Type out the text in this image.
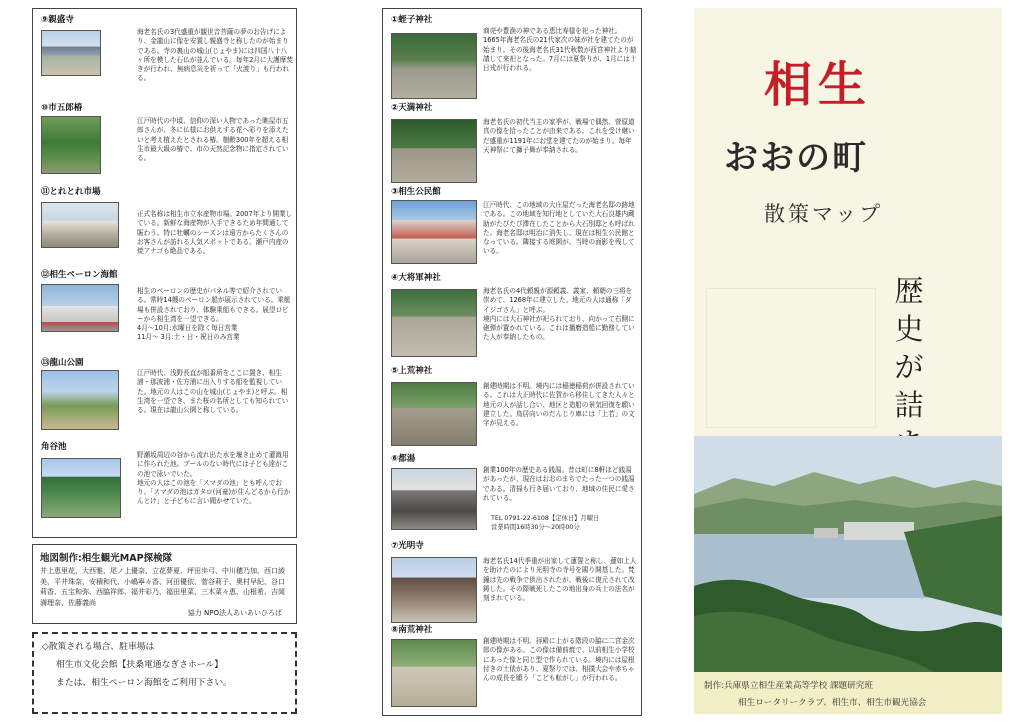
⑨親盛寺
海老名氏の3代盛重が観世音菩薩の夢のお告げにより、金龍山に像を安置し親盛寺と称したのが始まりである。寺の裏山の城山(じょやま)には四国八十八ヶ所を模した石仏が並んでいる。毎年2月に大護摩焚きが行われ、無病息災を祈って「火渡り」も行われる。
⑩市五郎椿
江戸時代の中頃、信仰の深い人物であった眺屋市五郎さんが、冬に仏様にお供えする花へ彩りを添えたいと考え植えたとされる椿。樹齢300年を超える相生市最大級の椿で、市の天然記念物に指定されている。
⑪とれとれ市場
正式名称は相生市立水産物市場。2007年より開業している。新鮮な海産物が入手できるため年間通して賑わう。特に牡蠣のシーズンは遠方からたくさんのお客さんが訪れる人気スポットである。瀬戸内産の焼アナゴも絶品である。
⑫相生ペーロン海館
相生のペーロンの歴史がパネル等で紹介されている。常時14艘のペーロン船が展示されている。乗艇場も併設されており、体験乗船もできる。展望ロビーから相生湾を一望できる。
4月〜10月:水曜日を除く毎日営業
11月〜 3月:土・日・祝日のみ営業
⑬龍山公園
江戸時代、浅野長直が船番所をここに置き、相生浦・那波浦・佐方浦に出入りする船を監視していた。地元の人はこの山を城山(じょやま)と呼ぶ。相生湾を一望でき、また桜の名所としても知られている。現在は龍山公園と称している。
角谷池
野瀬坂周辺の谷から流れ出た水を堰き止めて灌漑用に作られた池。プールのない時代には子ども達がこの池で泳いでいた。
地元の人はこの池を「スマダの池」とも呼んでおり、「スマダの池はガタロ(河童)が住んどるから行かんとけ」と子どもに言い聞かせていた。
地図制作:相生観光MAP探検隊
井上恵里花、大西雅、尾ノ上優奈、立花夢夏、坪田歩弓、中川穂乃加、西口綾美、平井珠奈、安積和代、小嶋寧々香、河田優依、菅谷莉子、奥村早紀、谷口莉香、五宝和弥、西脇祥郎、福井彩乃、福田里菜、三木菜々恵、山根希、吉岡満理奈、佐藤義尚
協力 NPO法人あいあいひろば

◇散策される場合、駐車場は

相生市文化会館【扶桑電通なぎさホール】

または、相生ペーロン海館をご利用下さい。

①蛭子神社
商売や豊漁の神である恵比寿様を祀った神社。1665年海老名氏の21代家次の妹が社を建てたのが始まり。その後海老名氏31代秋数が西宮神社より勧請して来祀となった。7月には夏祭りが、1月には十日戎が行われる。
②天満神社
海老名氏の初代当主の家季が、戦場で偶然、菅原道真の像を拾ったことが由来である。これを受け継いだ盛重が1191年にお堂を建てたのが始まり。毎年天神祭にて獅子舞が奉納される。
③相生公民館
江戸時代、この地域の大庄屋だった海老名邸の跡地である。この地域を知行地としていた大石良雄内蔵助がたびたび滞在したことから大石別邸とも呼ばれた。海老名邸は明治に消失し、現在は相生公民館となっている。隣接する庭園が、当時の面影を残している。
④大将軍神社
海老名氏の4代頼親が源頼義、義家、頼朝の三将を崇めて、1268年に建立した。地元の人は通称「ダイジゴさん」と呼ぶ。
境内には大石神社が祀られており、向かって右側に砲弾が置かれている。これは播磨造船に勤務していた人が奉納したもの。
⑤上荒神社
創建時期は不明。境内には稲徳稲荷が併設されている。これは大正時代に佐賀から移住してきた人々と地元の人が話し合い、地区と造船の景気回復を願い建立した。鳥居向いのだんじり庫には「上若」の文字が見える。
⑥都湯
創業100年の歴史ある銭湯。昔は町に8軒ほど銭湯があったが、現在はおおのまちでたった一つの銭湯である。清掃も行き届いており、地域の住民に愛されている。
TEL 0791-22-6108【定休日】月曜日
営業時間16時30分〜20時00分
⑦光明寺
海老名氏14代季重が出家して蓮誓と称し、蓮如上人を助けたのにより光明寺の寺号を賜り開基した。梵鐘は先の戦争で供出されたが、戦後に復元されて改鋳した。その際戦死したこの地出身の兵士の法名が刻まれている。
⑧南荒神社
創建時期は不明。拝殿に上がる階段の脇に二宮金次郎の像がある。この像は備前焼で、以前相生小学校にあった像と同じ型で作られている。境内には屋根付きの土俵があり、夏祭りでは、相撲大会や赤ちゃんの成長を願う「こども転がし」が行われる。
相生
おおの町
散策マップ
歴史が詰
制作:兵庫県立相生産業高等学校 課題研究班
相生ロータリークラブ、相生市、相生市観光協会
